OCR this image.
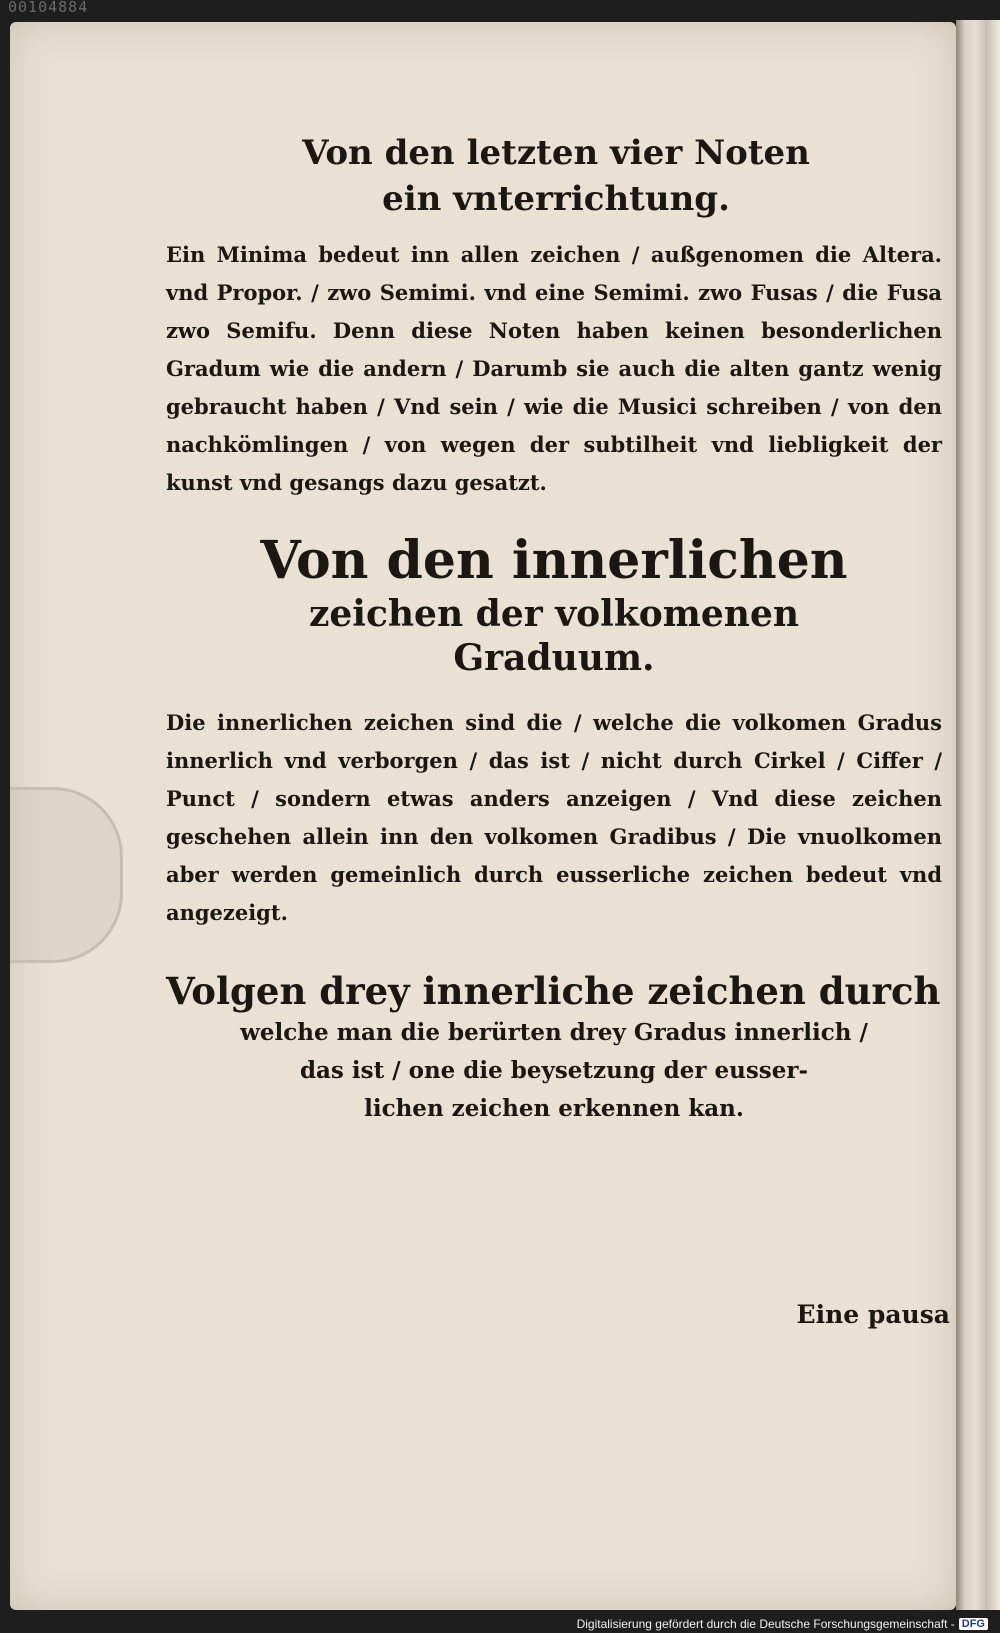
00104884
Von den letzten vier Noten
ein vnterrichtung.

Ein Minima bedeut inn allen zeichen / außgenomen die Altera. vnd Propor. / zwo Semimi. vnd eine Semimi. zwo Fusas / die Fusa zwo Semifu. Denn diese Noten haben keinen besonderlichen Gradum wie die andern / Darumb sie auch die alten gantz wenig gebraucht haben / Vnd sein / wie die Musici schreiben / von den nachkömlingen / von wegen der subtilheit vnd liebligkeit der kunst vnd gesangs dazu gesatzt.

Von den innerlichen
zeichen der volkomenen
Graduum.

Die innerlichen zeichen sind die / welche die volkomen Gradus innerlich vnd verborgen / das ist / nicht durch Cirkel / Ciffer / Punct / sondern etwas anders anzeigen / Vnd diese zeichen geschehen allein inn den volkomen Gradibus / Die vnuolkomen aber werden gemeinlich durch eusserliche zeichen bedeut vnd angezeigt.

Volgen drey innerliche zeichen durch

welche man die berürten drey Gradus innerlich /

das ist / one die beysetzung der eusser-

lichen zeichen erkennen kan.

Eine pausa
Digitalisierung gefördert durch die Deutsche Forschungsgemeinschaft - DFG
